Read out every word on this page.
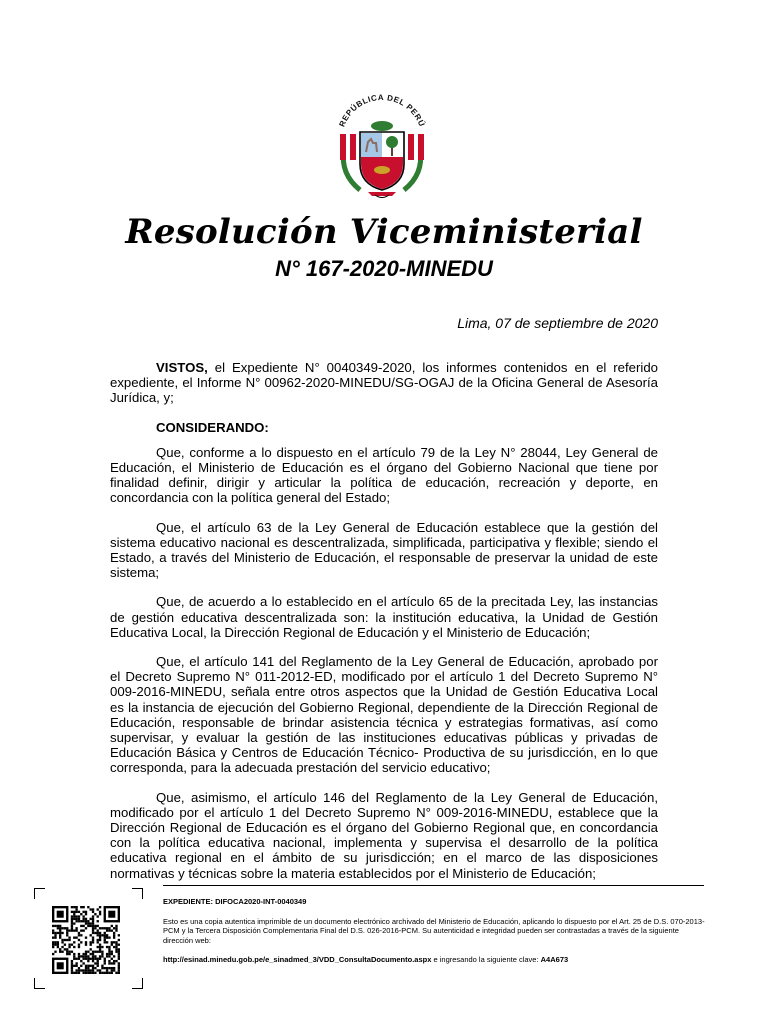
REPÚBLICA DEL PERÚ
Resolución Viceministerial
N° 167-2020-MINEDU
Lima, 07 de septiembre de 2020

VISTOS, el Expediente N° 0040349-2020, los informes contenidos en el referido expediente, el Informe N° 00962-2020-MINEDU/SG-OGAJ de la Oficina General de Asesoría Jurídica, y;

CONSIDERANDO:

Que, conforme a lo dispuesto en el artículo 79 de la Ley N° 28044, Ley General de Educación, el Ministerio de Educación es el órgano del Gobierno Nacional que tiene por finalidad definir, dirigir y articular la política de educación, recreación y deporte, en concordancia con la política general del Estado;

Que, el artículo 63 de la Ley General de Educación establece que la gestión del sistema educativo nacional es descentralizada, simplificada, participativa y flexible; siendo el Estado, a través del Ministerio de Educación, el responsable de preservar la unidad de este sistema;

Que, de acuerdo a lo establecido en el artículo 65 de la precitada Ley, las instancias de gestión educativa descentralizada son: la institución educativa, la Unidad de Gestión Educativa Local, la Dirección Regional de Educación y el Ministerio de Educación;

Que, el artículo 141 del Reglamento de la Ley General de Educación, aprobado por el Decreto Supremo N° 011-2012-ED, modificado por el artículo 1 del Decreto Supremo N° 009-2016-MINEDU, señala entre otros aspectos que la Unidad de Gestión Educativa Local es la instancia de ejecución del Gobierno Regional, dependiente de la Dirección Regional de Educación, responsable de brindar asistencia técnica y estrategias formativas, así como supervisar, y evaluar la gestión de las instituciones educativas públicas y privadas de Educación Básica y Centros de Educación Técnico- Productiva de su jurisdicción, en lo que corresponda, para la adecuada prestación del servicio educativo;

Que, asimismo, el artículo 146 del Reglamento de la Ley General de Educación, modificado por el artículo 1 del Decreto Supremo N° 009-2016-MINEDU, establece que la Dirección Regional de Educación es el órgano del Gobierno Regional que, en concordancia con la política educativa nacional, implementa y supervisa el desarrollo de la política educativa regional en el ámbito de su jurisdicción; en el marco de las disposiciones normativas y técnicas sobre la materia establecidos por el Ministerio de Educación;

EXPEDIENTE: DIFOCA2020-INT-0040349
Esto es una copia autentica imprimible de un documento electrónico archivado del Ministerio de Educación, aplicando lo dispuesto por el Art. 25 de D.S. 070-2013-PCM y la Tercera Disposición Complementaria Final del D.S. 026-2016-PCM. Su autenticidad e integridad pueden ser contrastadas a través de la siguiente dirección web:
http://esinad.minedu.gob.pe/e_sinadmed_3/VDD_ConsultaDocumento.aspx e ingresando la siguiente clave: A4A673
